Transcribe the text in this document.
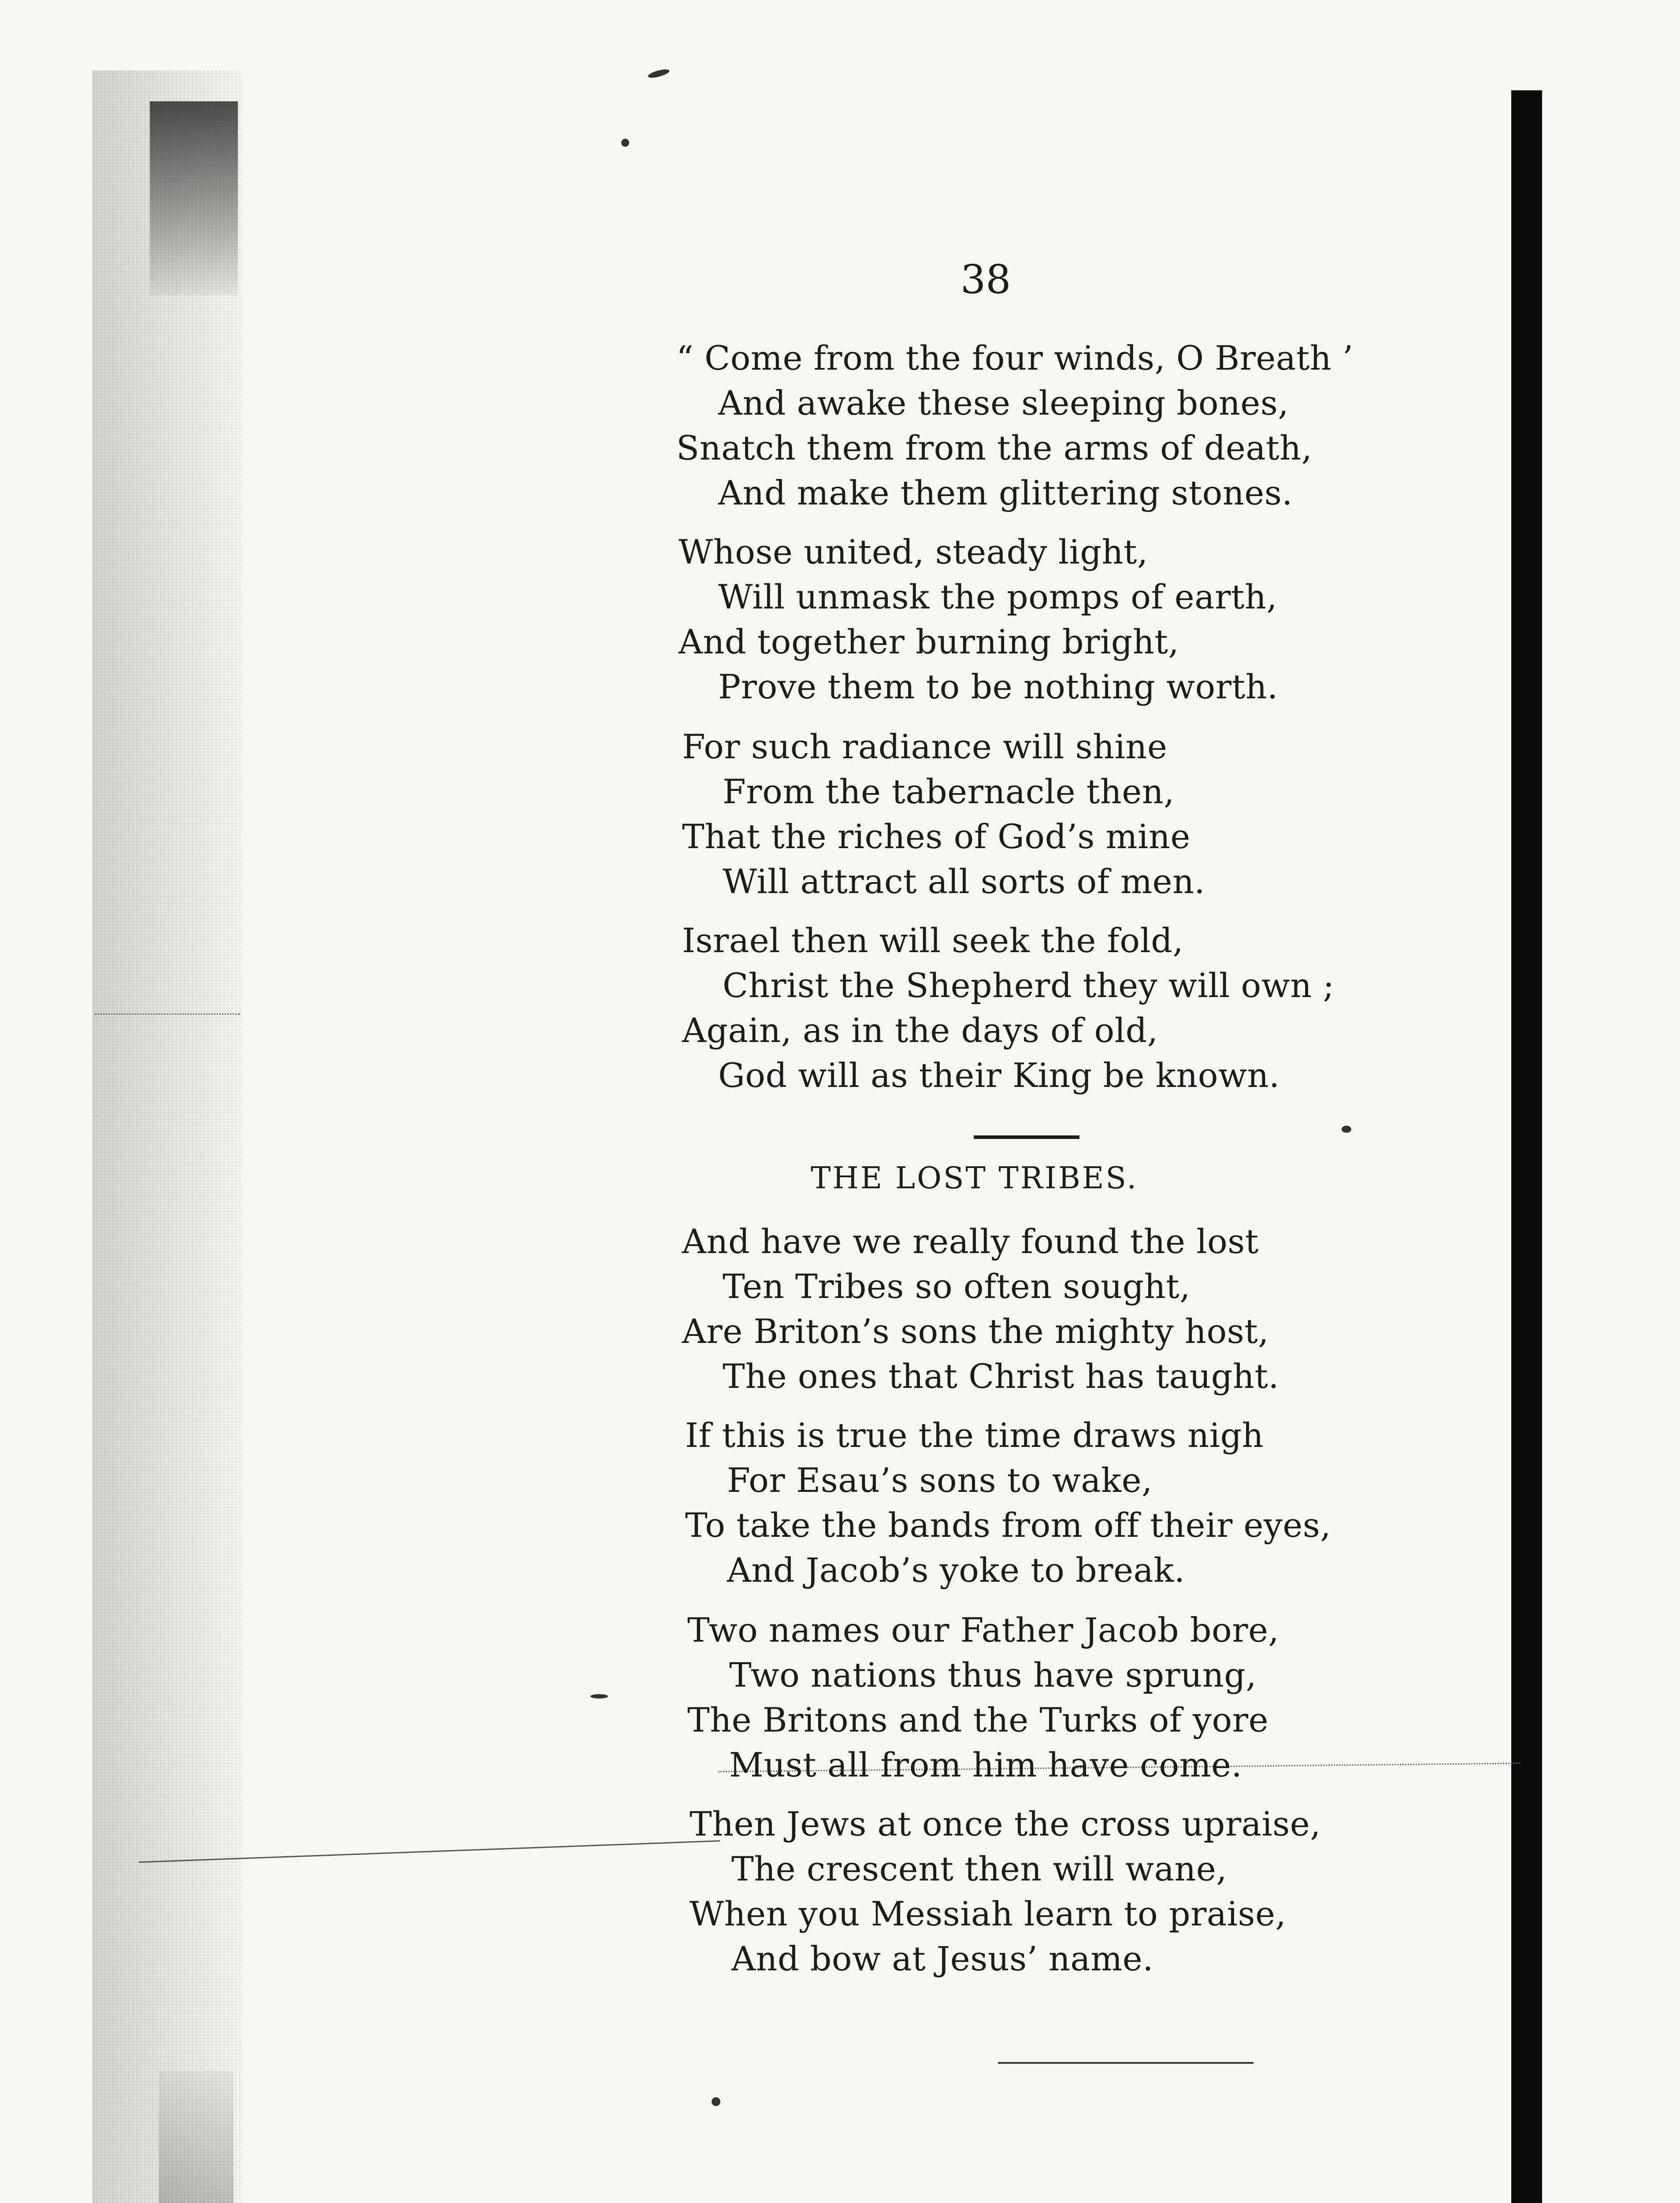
38
“ Come from the four winds, O Breath ’
And awake these sleeping bones,
Snatch them from the arms of death,
And make them glittering stones.
Whose united, steady light,
Will unmask the pomps of earth,
And together burning bright,
Prove them to be nothing worth.
For such radiance will shine
From the tabernacle then,
That the riches of God’s mine
Will attract all sorts of men.
Israel then will seek the fold,
Christ the Shepherd they will own ;
Again, as in the days of old,
God will as their King be known.
THE LOST TRIBES.
And have we really found the lost
Ten Tribes so often sought,
Are Briton’s sons the mighty host,
The ones that Christ has taught.
If this is true the time draws nigh
For Esau’s sons to wake,
To take the bands from off their eyes,
And Jacob’s yoke to break.
Two names our Father Jacob bore,
Two nations thus have sprung,
The Britons and the Turks of yore
Must all from him have come.
Then Jews at once the cross upraise,
The crescent then will wane,
When you Messiah learn to praise,
And bow at Jesus’ name.
